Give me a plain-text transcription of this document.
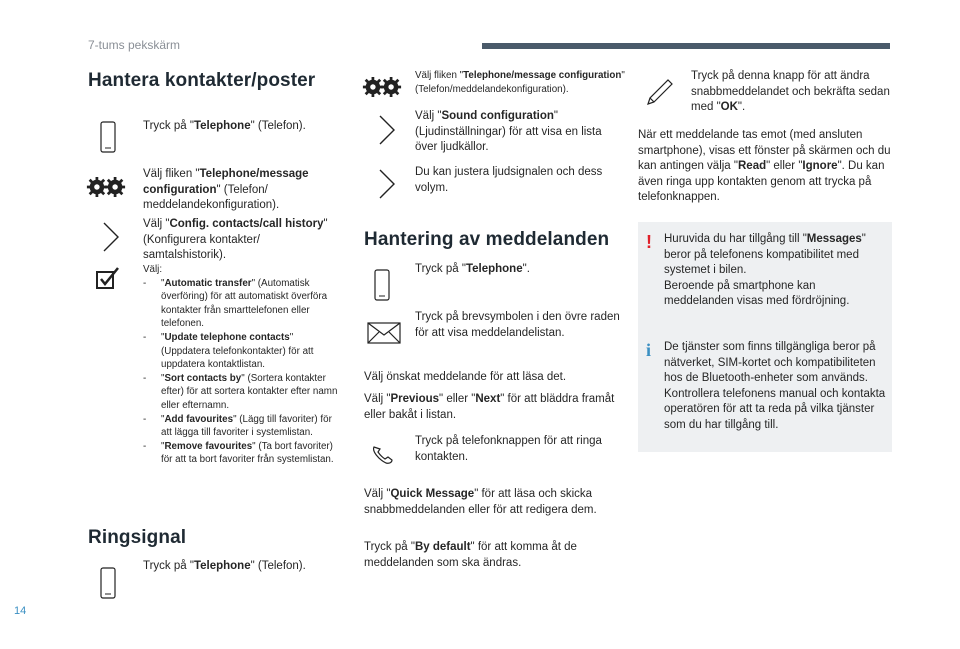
7-tums pekskärm
14
Hantera kontakter/poster
Tryck på "Telephone" (Telefon).
Välj fliken "Telephone/message configuration" (Telefon/ meddelandekonfiguration).
Välj "Config. contacts/call history" (Konfigurera kontakter/ samtalshistorik).
Välj:
-	"Automatic transfer" (Automatisk överföring) för att automatiskt överföra kontakter från smarttelefonen eller telefonen.
-	"Update telephone contacts" (Uppdatera telefonkontakter) för att uppdatera kontaktlistan.
-	"Sort contacts by" (Sortera kontakter efter) för att sortera kontakter efter namn eller efternamn.
-	"Add favourites" (Lägg till favoriter) för att lägga till favoriter i systemlistan.
-	"Remove favourites" (Ta bort favoriter) för att ta bort favoriter från systemlistan.
Ringsignal
Tryck på "Telephone" (Telefon).
Välj fliken "Telephone/message configuration" (Telefon/meddelandekonfiguration).
Välj "Sound configuration" (Ljudinställningar) för att visa en lista över ljudkällor.
Du kan justera ljudsignalen och dess volym.
Hantering av meddelanden
Tryck på "Telephone".
Tryck på brevsymbolen i den övre raden för att visa meddelandelistan.
Välj önskat meddelande för att läsa det.
Välj "Previous" eller "Next" för att bläddra framåt eller bakåt i listan.
Tryck på telefonknappen för att ringa kontakten.
Välj "Quick Message" för att läsa och skicka snabbmeddelanden eller för att redigera dem.
Tryck på "By default" för att komma åt de meddelanden som ska ändras.
Tryck på denna knapp för att ändra snabbmeddelandet och bekräfta sedan med "OK".
När ett meddelande tas emot (med ansluten smartphone), visas ett fönster på skärmen och du kan antingen välja "Read" eller "Ignore". Du kan även ringa upp kontakten genom att trycka på telefonknappen.
! Huruvida du har tillgång till "Messages" beror på telefonens kompatibilitet med systemet i bilen.
Beroende på smartphone kan meddelanden visas med fördröjning.
i De tjänster som finns tillgängliga beror på nätverket, SIM-kortet och kompatibiliteten hos de Bluetooth-enheter som används. Kontrollera telefonens manual och kontakta operatören för att ta reda på vilka tjänster som du har tillgång till.
